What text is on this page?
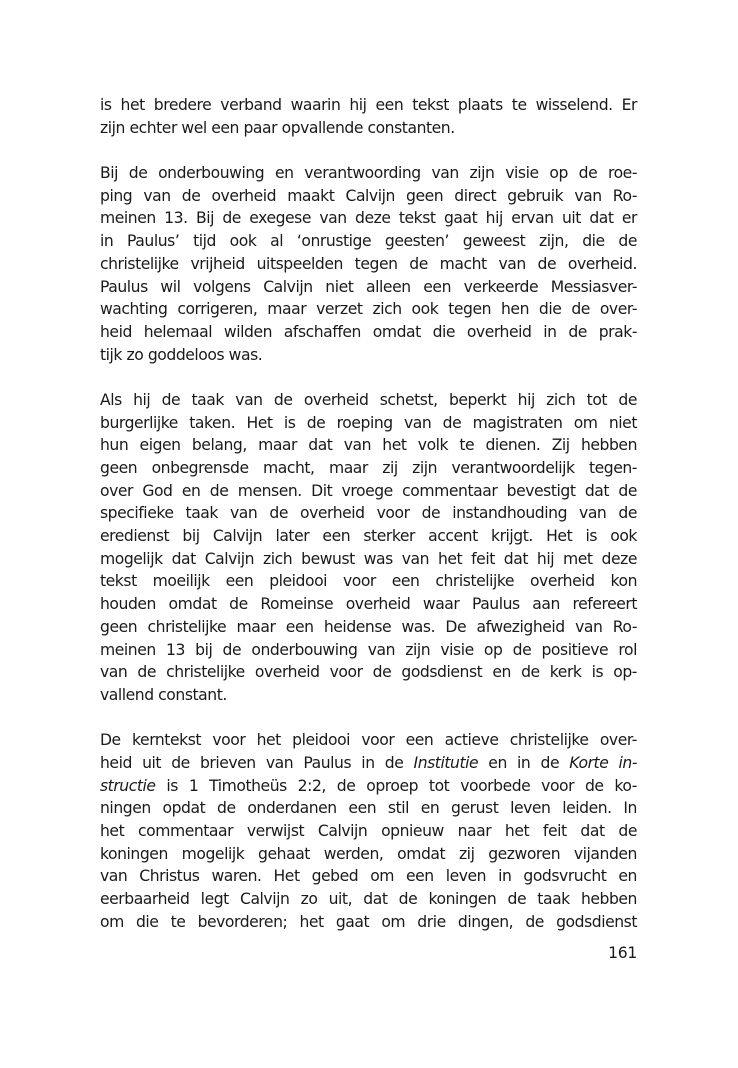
is het bredere verband waarin hij een tekst plaats te wisselend. Er
zijn echter wel een paar opvallende constanten.
Bij de onderbouwing en verantwoording van zijn visie op de roe-
ping van de overheid maakt Calvijn geen direct gebruik van Ro-
meinen 13. Bij de exegese van deze tekst gaat hij ervan uit dat er
in Paulus’ tijd ook al ‘onrustige geesten’ geweest zijn, die de
christelijke vrijheid uitspeelden tegen de macht van de overheid.
Paulus wil volgens Calvijn niet alleen een verkeerde Messiasver-
wachting corrigeren, maar verzet zich ook tegen hen die de over-
heid helemaal wilden afschaffen omdat die overheid in de prak-
tijk zo goddeloos was.
Als hij de taak van de overheid schetst, beperkt hij zich tot de
burgerlijke taken. Het is de roeping van de magistraten om niet
hun eigen belang, maar dat van het volk te dienen. Zij hebben
geen onbegrensde macht, maar zij zijn verantwoordelijk tegen-
over God en de mensen. Dit vroege commentaar bevestigt dat de
specifieke taak van de overheid voor de instandhouding van de
eredienst bij Calvijn later een sterker accent krijgt. Het is ook
mogelijk dat Calvijn zich bewust was van het feit dat hij met deze
tekst moeilijk een pleidooi voor een christelijke overheid kon
houden omdat de Romeinse overheid waar Paulus aan refereert
geen christelijke maar een heidense was. De afwezigheid van Ro-
meinen 13 bij de onderbouwing van zijn visie op de positieve rol
van de christelijke overheid voor de godsdienst en de kerk is op-
vallend constant.
De kerntekst voor het pleidooi voor een actieve christelijke over-
heid uit de brieven van Paulus in de Institutie en in de Korte in-
structie is 1 Timotheüs 2:2, de oproep tot voorbede voor de ko-
ningen opdat de onderdanen een stil en gerust leven leiden. In
het commentaar verwijst Calvijn opnieuw naar het feit dat de
koningen mogelijk gehaat werden, omdat zij gezworen vijanden
van Christus waren. Het gebed om een leven in godsvrucht en
eerbaarheid legt Calvijn zo uit, dat de koningen de taak hebben
om die te bevorderen; het gaat om drie dingen, de godsdienst
161
